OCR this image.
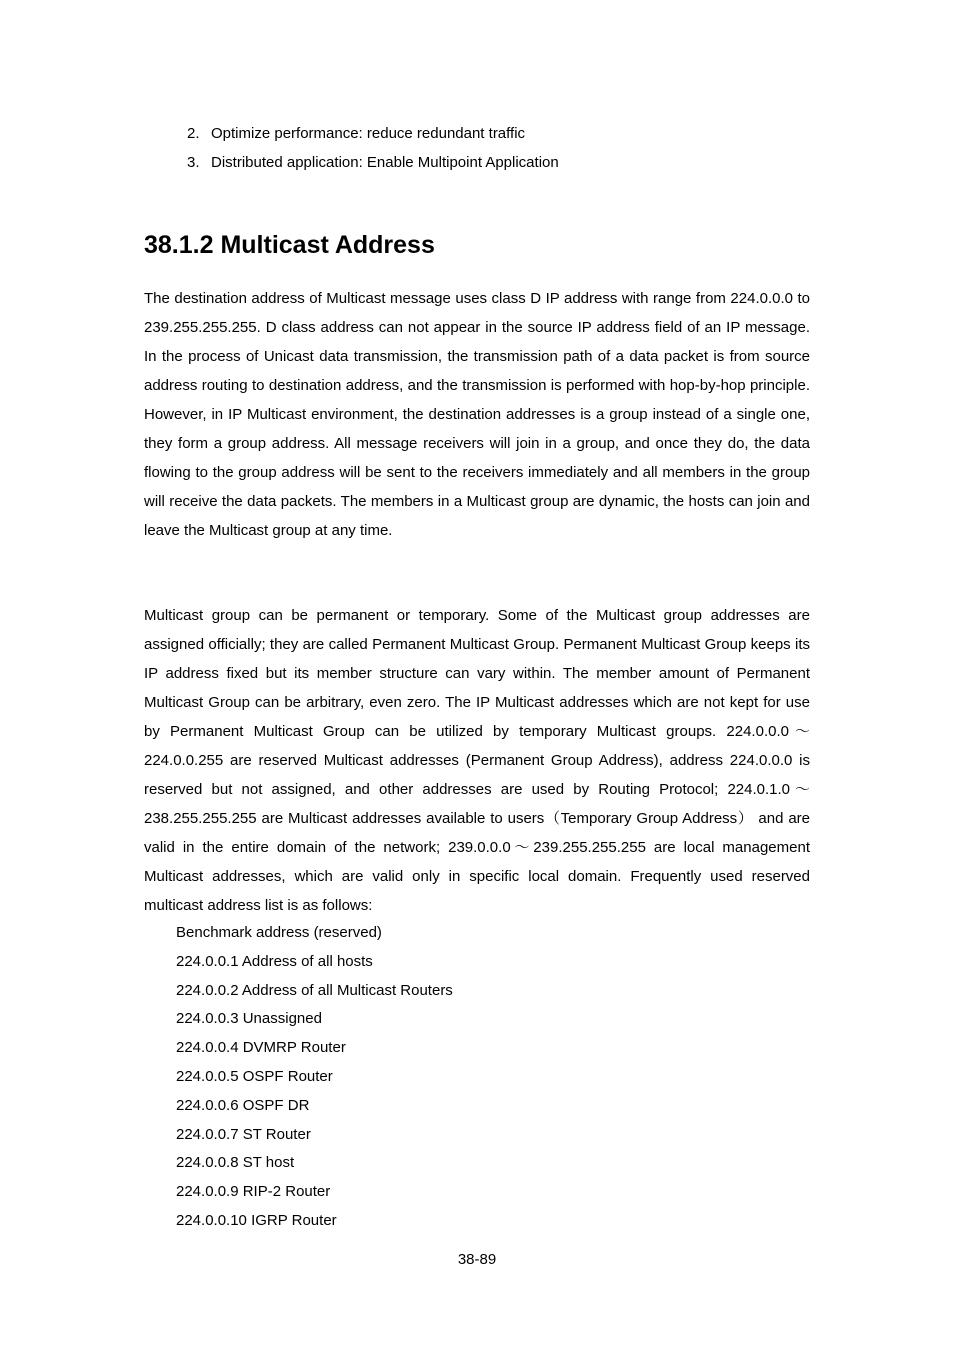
2. Optimize performance: reduce redundant traffic
3. Distributed application: Enable Multipoint Application
38.1.2 Multicast Address

The destination address of Multicast message uses class D IP address with range from 224.0.0.0 to 239.255.255.255. D class address can not appear in the source IP address field of an IP message. In the process of Unicast data transmission, the transmission path of a data packet is from source address routing to destination address, and the transmission is performed with hop-by-hop principle. However, in IP Multicast environment, the destination addresses is a group instead of a single one, they form a group address. All message receivers will join in a group, and once they do, the data flowing to the group address will be sent to the receivers immediately and all members in the group will receive the data packets. The members in a Multicast group are dynamic, the hosts can join and leave the Multicast group at any time.

Multicast group can be permanent or temporary. Some of the Multicast group addresses are assigned officially; they are called Permanent Multicast Group. Permanent Multicast Group keeps its IP address fixed but its member structure can vary within. The member amount of Permanent Multicast Group can be arbitrary, even zero. The IP Multicast addresses which are not kept for use by Permanent Multicast Group can be utilized by temporary Multicast groups. 224.0.0.0～224.0.0.255 are reserved Multicast addresses (Permanent Group Address), address 224.0.0.0 is reserved but not assigned, and other addresses are used by Routing Protocol; 224.0.1.0～238.255.255.255 are Multicast addresses available to users（Temporary Group Address） and are valid in the entire domain of the network; 239.0.0.0～239.255.255.255 are local management Multicast addresses, which are valid only in specific local domain. Frequently used reserved multicast address list is as follows:

Benchmark address (reserved)
224.0.0.1 Address of all hosts
224.0.0.2 Address of all Multicast Routers
224.0.0.3 Unassigned
224.0.0.4 DVMRP Router
224.0.0.5 OSPF Router
224.0.0.6 OSPF DR
224.0.0.7 ST Router
224.0.0.8 ST host
224.0.0.9 RIP-2 Router
224.0.0.10 IGRP Router
38-89
